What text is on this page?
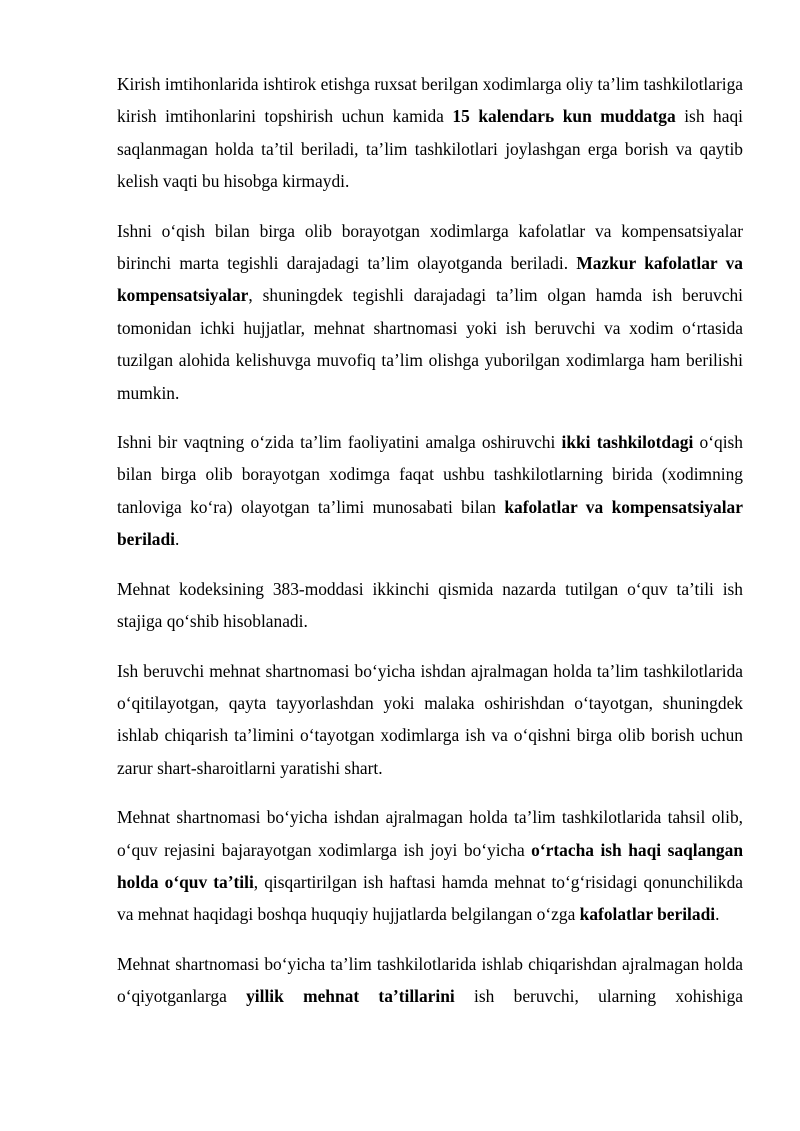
Kirish imtihonlarida ishtirok etishga ruxsat berilgan xodimlarga oliy ta’lim tashkilotlariga kirish imtihonlarini topshirish uchun kamida 15 kalendarь kun muddatga ish haqi saqlanmagan holda ta’til beriladi, ta’lim tashkilotlari joylashgan erga borish va qaytib kelish vaqti bu hisobga kirmaydi.

Ishni o‘qish bilan birga olib borayotgan xodimlarga kafolatlar va kompensatsiyalar birinchi marta tegishli darajadagi ta’lim olayotganda beriladi. Mazkur kafolatlar va kompensatsiyalar, shuningdek tegishli darajadagi ta’lim olgan hamda ish beruvchi tomonidan ichki hujjatlar, mehnat shartnomasi yoki ish beruvchi va xodim o‘rtasida tuzilgan alohida kelishuvga muvofiq ta’lim olishga yuborilgan xodimlarga ham berilishi mumkin.

Ishni bir vaqtning o‘zida ta’lim faoliyatini amalga oshiruvchi ikki tashkilotdagi o‘qish bilan birga olib borayotgan xodimga faqat ushbu tashkilotlarning birida (xodimning tanloviga ko‘ra) olayotgan ta’limi munosabati bilan kafolatlar va kompensatsiyalar beriladi.

Mehnat kodeksining 383-moddasi ikkinchi qismida nazarda tutilgan o‘quv ta’tili ish stajiga qo‘shib hisoblanadi.

Ish beruvchi mehnat shartnomasi bo‘yicha ishdan ajralmagan holda ta’lim tashkilotlarida o‘qitilayotgan, qayta tayyorlashdan yoki malaka oshirishdan o‘tayotgan, shuningdek ishlab chiqarish ta’limini o‘tayotgan xodimlarga ish va o‘qishni birga olib borish uchun zarur shart-sharoitlarni yaratishi shart.

Mehnat shartnomasi bo‘yicha ishdan ajralmagan holda ta’lim tashkilotlarida tahsil olib, o‘quv rejasini bajarayotgan xodimlarga ish joyi bo‘yicha o‘rtacha ish haqi saqlangan holda o‘quv ta’tili, qisqartirilgan ish haftasi hamda mehnat to‘g‘risidagi qonunchilikda va mehnat haqidagi boshqa huquqiy hujjatlarda belgilangan o‘zga kafolatlar beriladi.

Mehnat shartnomasi bo‘yicha ta’lim tashkilotlarida ishlab chiqarishdan ajralmagan holda o‘qiyotganlarga yillik mehnat ta’tillarini ish beruvchi, ularning xohishiga
